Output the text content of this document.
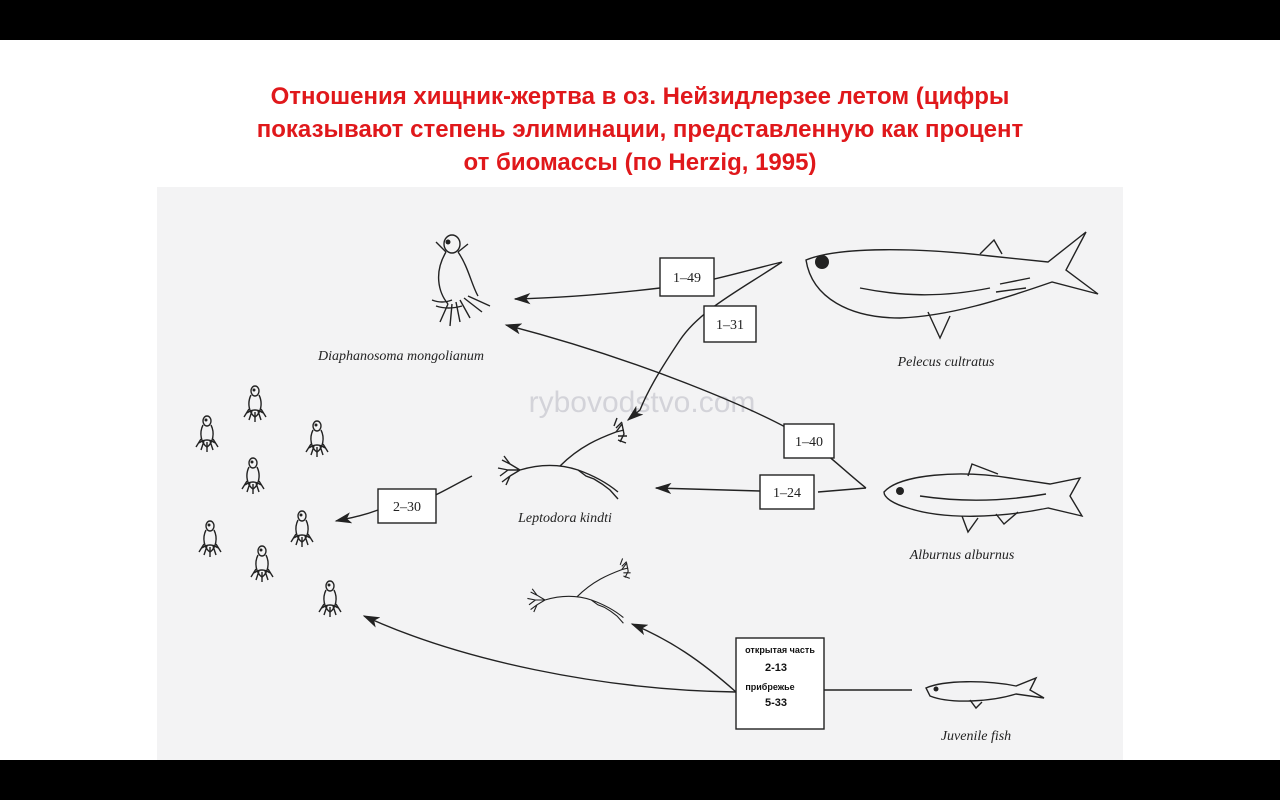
Отношения хищник-жертва в оз. Нейзидлерзее летом (цифры
показывают степень элиминации, представленную как процент
от биомассы (по Herzig, 1995)
rybovodstvo.com
Diaphanosoma mongolianum	Pelecus cultratus
Leptodora kindti
Alburnus alburnus
Juvenile fish
1–49
1–31
1–40
1–24
2–30
открытая часть
2-13
прибрежье
5-33
